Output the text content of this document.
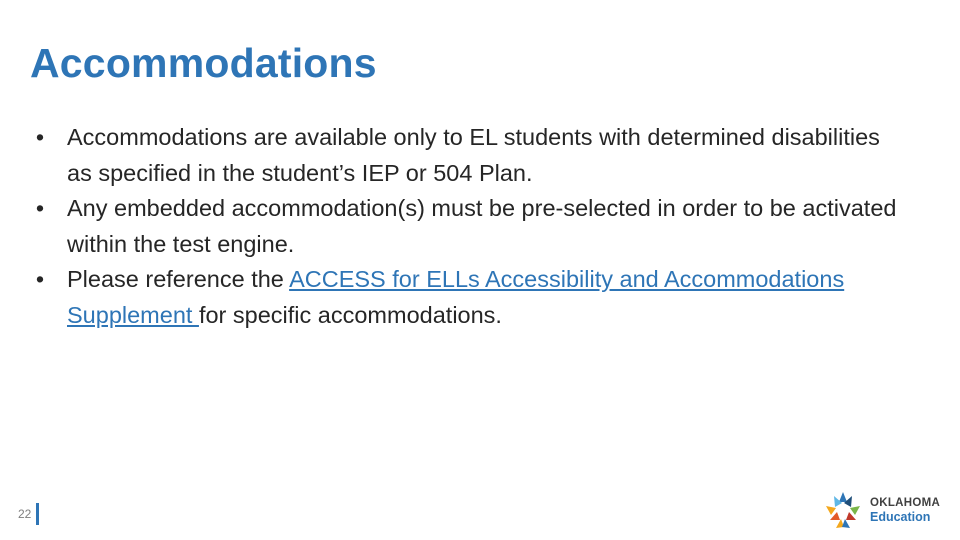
Accommodations
• Accommodations are available only to EL students with determined disabilities as specified in the student’s IEP or 504 Plan.
• Any embedded accommodation(s) must be pre-selected in order to be activated within the test engine.
• Please reference the ACCESS for ELLs Accessibility and Accommodations Supplement for specific accommodations.
22
OKLAHOMA
Education
